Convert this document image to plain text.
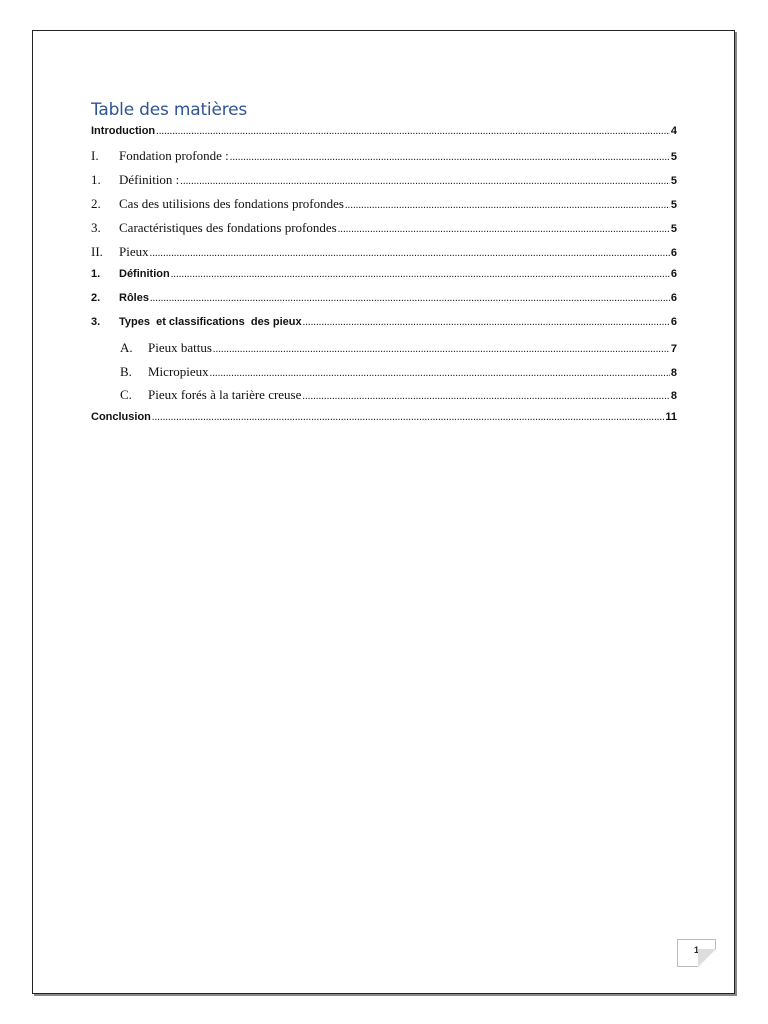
Table des matières
Introduction .....	4
I.	Fondation profonde : .....	5
1.	Définition : .....	5
2.	Cas des utilisions des fondations profondes .....	5
3.	Caractéristiques des fondations profondes .....	5
II.	Pieux .....	6
1.	Définition .....	6
2.	Rôles .....	6
3.	Types  et classifications  des pieux .....	6
A.	Pieux battus .....	7
B.	Micropieux .....	8
C.	Pieux forés à la tarière creuse .....	8
Conclusion .....	11
1
